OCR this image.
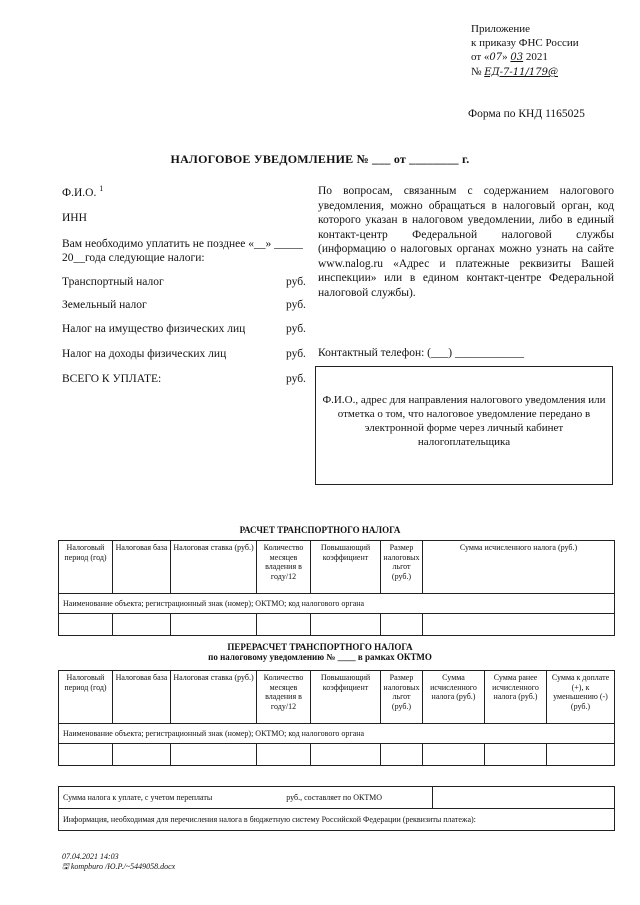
Приложение
к приказу ФНС России
от «07» 03 2021
№ ЕД-7-11/179@
Форма по КНД 1165025
НАЛОГОВОЕ УВЕДОМЛЕНИЕ № ___ от ________ г.
Ф.И.О. $^1$
ИНН
Вам необходимо уплатить не позднее «__» _____ 20__года следующие налоги:
Транспортный налог	руб.
Земельный налог	руб.
Налог на имущество физических лиц	руб.
Налог на доходы физических лиц	руб.
ВСЕГО К УПЛАТЕ:	руб.
По вопросам, связанным с содержанием налогового уведомления, можно обращаться в налоговый орган, код которого указан в налоговом уведомлении, либо в единый контакт-центр Федеральной налоговой службы (информацию о налоговых органах можно узнать на сайте www.nalog.ru «Адрес и платежные реквизиты Вашей инспекции» или в едином контакт-центре Федеральной налоговой службы).
Контактный телефон: (___) ____________
Ф.И.О., адрес для направления налогового уведомления или отметка о том, что налоговое уведомление передано в электронной форме через личный кабинет налогоплательщика
РАСЧЕТ ТРАНСПОРТНОГО НАЛОГА
Налоговый период (год)	Налоговая база	Налоговая ставка (руб.)	Количество месяцев владения в году/12	Повышающий коэффициент	Размер налоговых льгот (руб.)	Сумма исчисленного налога (руб.)
Наименование объекта; регистрационный знак (номер); ОКТМО; код налогового органа						

ПЕРЕРАСЧЕТ ТРАНСПОРТНОГО НАЛОГА
по налоговому уведомлению № ____ в рамках ОКТМО
Налоговый период (год)	Налоговая база	Налоговая ставка (руб.)	Количество месяцев владения в году/12	Повышающий коэффициент	Размер налоговых льгот (руб.)	Сумма исчисленного налога (руб.)	Сумма ранее исчисленного налога (руб.)	Сумма к доплате (+), к уменьшению (-) (руб.)
Наименование объекта; регистрационный знак (номер); ОКТМО; код налогового органа								

Сумма налога к уплате, с учетом переплаты	руб., составляет по ОКТМО	
Информация, необходимая для перечисления налога в бюджетную систему Российской Федерации (реквизиты платежа):
07.04.2021 14:03
🖫 kompburo /Ю.Р./~5449058.docx
